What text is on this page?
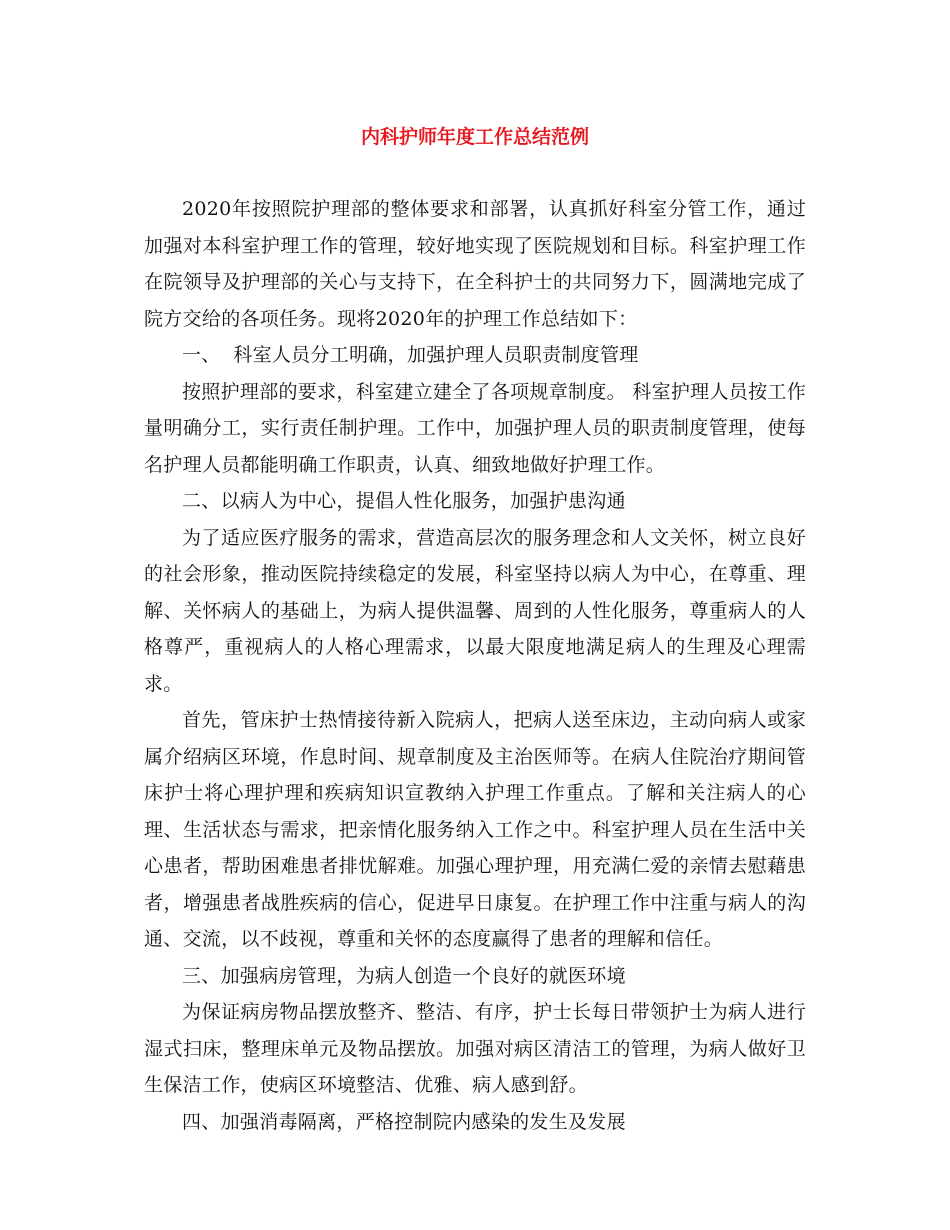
内科护师年度工作总结范例

2020年按照院护理部的整体要求和部署，认真抓好科室分管工作，通过加强对本科室护理工作的管理，较好地实现了医院规划和目标。科室护理工作在院领导及护理部的关心与支持下，在全科护士的共同努力下，圆满地完成了院方交给的各项任务。现将2020年的护理工作总结如下：

一、  科室人员分工明确，加强护理人员职责制度管理

按照护理部的要求，科室建立建全了各项规章制度。 科室护理人员按工作量明确分工，实行责任制护理。工作中，加强护理人员的职责制度管理，使每名护理人员都能明确工作职责，认真、细致地做好护理工作。

二、以病人为中心，提倡人性化服务，加强护患沟通

为了适应医疗服务的需求，营造高层次的服务理念和人文关怀，树立良好的社会形象，推动医院持续稳定的发展，科室坚持以病人为中心，在尊重、理解、关怀病人的基础上，为病人提供温馨、周到的人性化服务，尊重病人的人格尊严，重视病人的人格心理需求，以最大限度地满足病人的生理及心理需求。

首先，管床护士热情接待新入院病人，把病人送至床边，主动向病人或家属介绍病区环境，作息时间、规章制度及主治医师等。在病人住院治疗期间管床护士将心理护理和疾病知识宣教纳入护理工作重点。了解和关注病人的心理、生活状态与需求，把亲情化服务纳入工作之中。科室护理人员在生活中关心患者，帮助困难患者排忧解难。加强心理护理，用充满仁爱的亲情去慰藉患者，增强患者战胜疾病的信心，促进早日康复。在护理工作中注重与病人的沟通、交流，以不歧视，尊重和关怀的态度赢得了患者的理解和信任。

三、加强病房管理，为病人创造一个良好的就医环境

为保证病房物品摆放整齐、整洁、有序，护士长每日带领护士为病人进行湿式扫床，整理床单元及物品摆放。加强对病区清洁工的管理，为病人做好卫生保洁工作，使病区环境整洁、优雅、病人感到舒。

四、加强消毒隔离，严格控制院内感染的发生及发展
